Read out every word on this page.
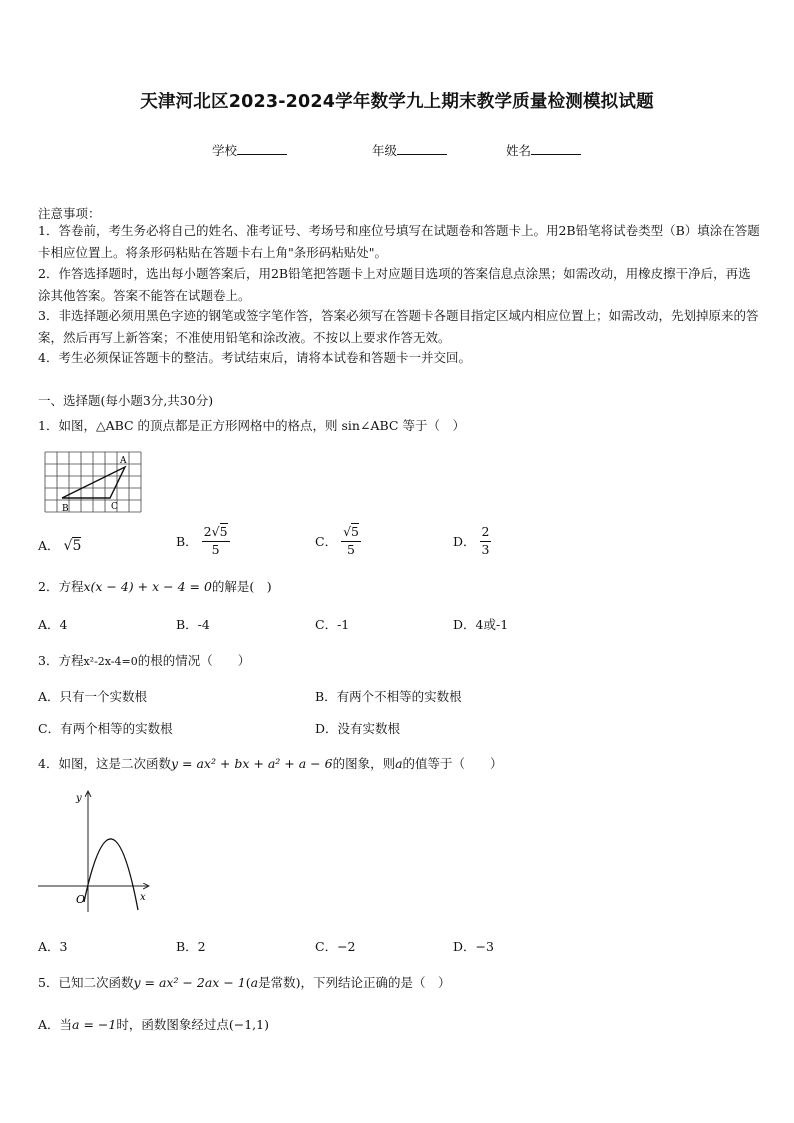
天津河北区2023-2024学年数学九上期末教学质量检测模拟试题
学校	年级	姓名
注意事项：
1．答卷前，考生务必将自己的姓名、准考证号、考场号和座位号填写在试题卷和答题卡上。用2B铅笔将试卷类型（B）填涂在答题卡相应位置上。将条形码粘贴在答题卡右上角"条形码粘贴处"。
2．作答选择题时，选出每小题答案后，用2B铅笔把答题卡上对应题目选项的答案信息点涂黑；如需改动，用橡皮擦干净后，再选涂其他答案。答案不能答在试题卷上。
3．非选择题必须用黑色字迹的钢笔或签字笔作答，答案必须写在答题卡各题目指定区域内相应位置上；如需改动，先划掉原来的答案，然后再写上新答案；不准使用铅笔和涂改液。不按以上要求作答无效。
4．考生必须保证答题卡的整洁。考试结束后，请将本试卷和答题卡一并交回。
一、选择题(每小题3分,共30分)
1．如图，△ABC 的顶点都是正方形网格中的格点，则 sin∠ABC 等于（　）
A
B	C
A． √5	B． $\frac{2√5}{5}$	C． $\frac{√5}{5}$	D． $\frac{2}{3}$
2．方程x(x − 4) + x − 4 = 0的解是(　)
A．4	B．-4	C．-1	D．4或-1
3．方程x²-2x-4=0的根的情况（　　）
A．只有一个实数根	B．有两个不相等的实数根
C．有两个相等的实数根	D．没有实数根
4．如图，这是二次函数y = ax² + bx + a² + a − 6的图象，则a的值等于（　　）
y
x
O
A．3	B．2	C．−2	D．−3
5．已知二次函数y = ax² − 2ax − 1(a是常数)，下列结论正确的是（　）
A．当a = −1时，函数图象经过点(−1,1)
